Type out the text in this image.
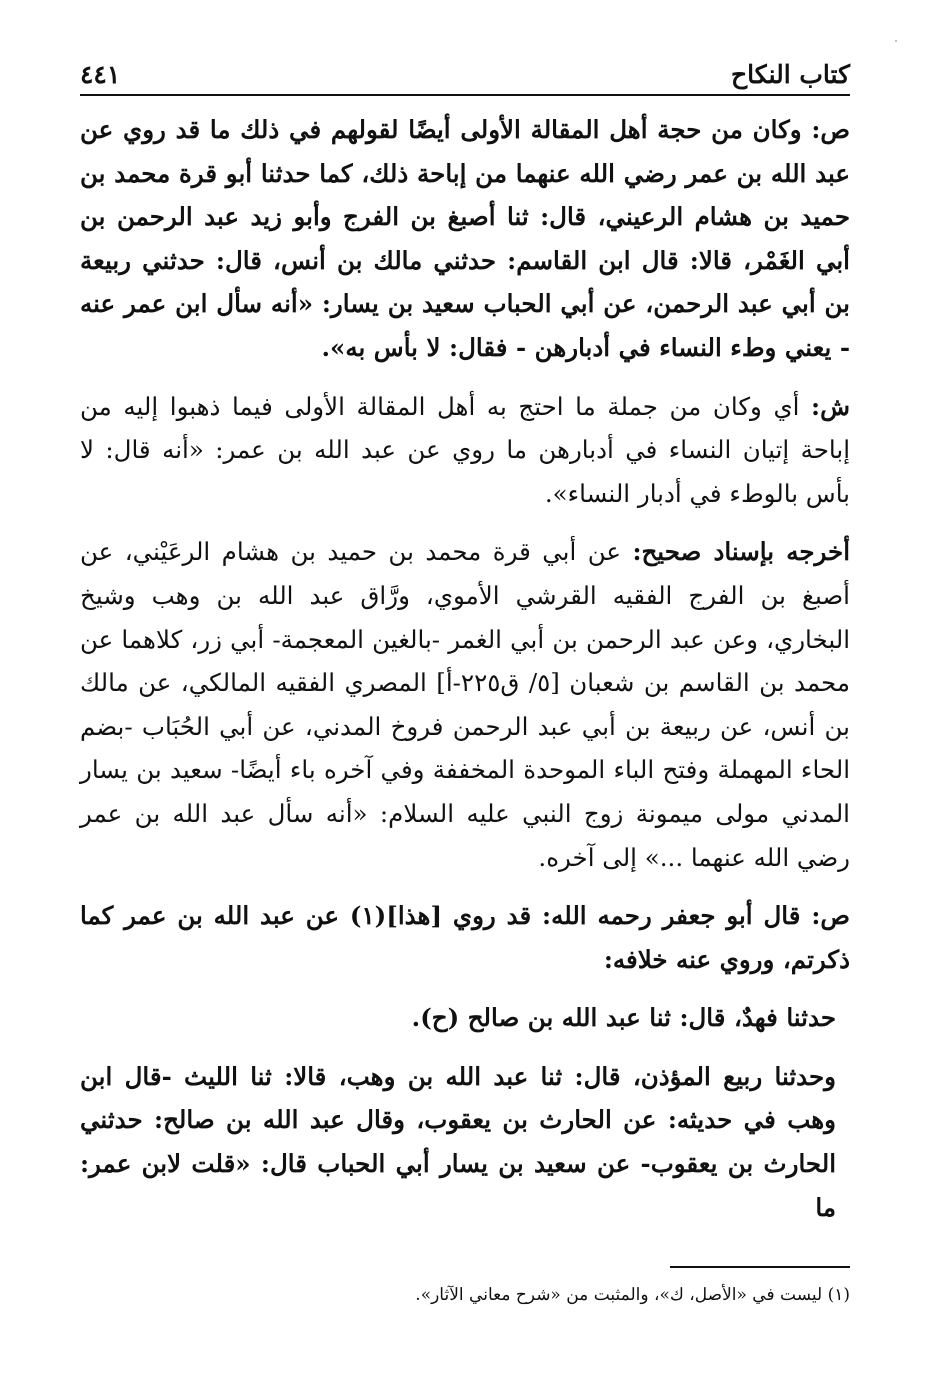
كتاب النكاح
٤٤١

ص: وكان من حجة أهل المقالة الأولى أيضًا لقولهم في ذلك ما قد روي عن عبد الله بن عمر رضي الله عنهما من إباحة ذلك، كما حدثنا أبو قرة محمد بن حميد بن هشام الرعيني، قال: ثنا أصبغ بن الفرج وأبو زيد عبد الرحمن بن أبي الغَمْر، قالا: قال ابن القاسم: حدثني مالك بن أنس، قال: حدثني ربيعة بن أبي عبد الرحمن، عن أبي الحباب سعيد بن يسار: «أنه سأل ابن عمر عنه - يعني وطء النساء في أدبارهن - فقال: لا بأس به».

ش: أي وكان من جملة ما احتج به أهل المقالة الأولى فيما ذهبوا إليه من إباحة إتيان النساء في أدبارهن ما روي عن عبد الله بن عمر: «أنه قال: لا بأس بالوطء في أدبار النساء».

أخرجه بإسناد صحيح: عن أبي قرة محمد بن حميد بن هشام الرعَيْني، عن أصبغ بن الفرج الفقيه القرشي الأموي، ورَّاق عبد الله بن وهب وشيخ البخاري، وعن عبد الرحمن بن أبي الغمر -بالغين المعجمة- أبي زر، كلاهما عن محمد بن القاسم بن شعبان [٥/ ق٢٢٥-أ] المصري الفقيه المالكي، عن مالك بن أنس، عن ربيعة بن أبي عبد الرحمن فروخ المدني، عن أبي الحُبَاب -بضم الحاء المهملة وفتح الباء الموحدة المخففة وفي آخره باء أيضًا- سعيد بن يسار المدني مولى ميمونة زوج النبي عليه السلام: «أنه سأل عبد الله بن عمر رضي الله عنهما ...» إلى آخره.

ص: قال أبو جعفر رحمه الله: قد روي [هذا](١) عن عبد الله بن عمر كما ذكرتم، وروي عنه خلافه:

حدثنا فهدٌ، قال: ثنا عبد الله بن صالح (ح).

وحدثنا ربيع المؤذن، قال: ثنا عبد الله بن وهب، قالا: ثنا الليث -قال ابن وهب في حديثه: عن الحارث بن يعقوب، وقال عبد الله بن صالح: حدثني الحارث بن يعقوب- عن سعيد بن يسار أبي الحباب قال: «قلت لابن عمر: ما

(١) ليست في «الأصل، ك»، والمثبت من «شرح معاني الآثار».
